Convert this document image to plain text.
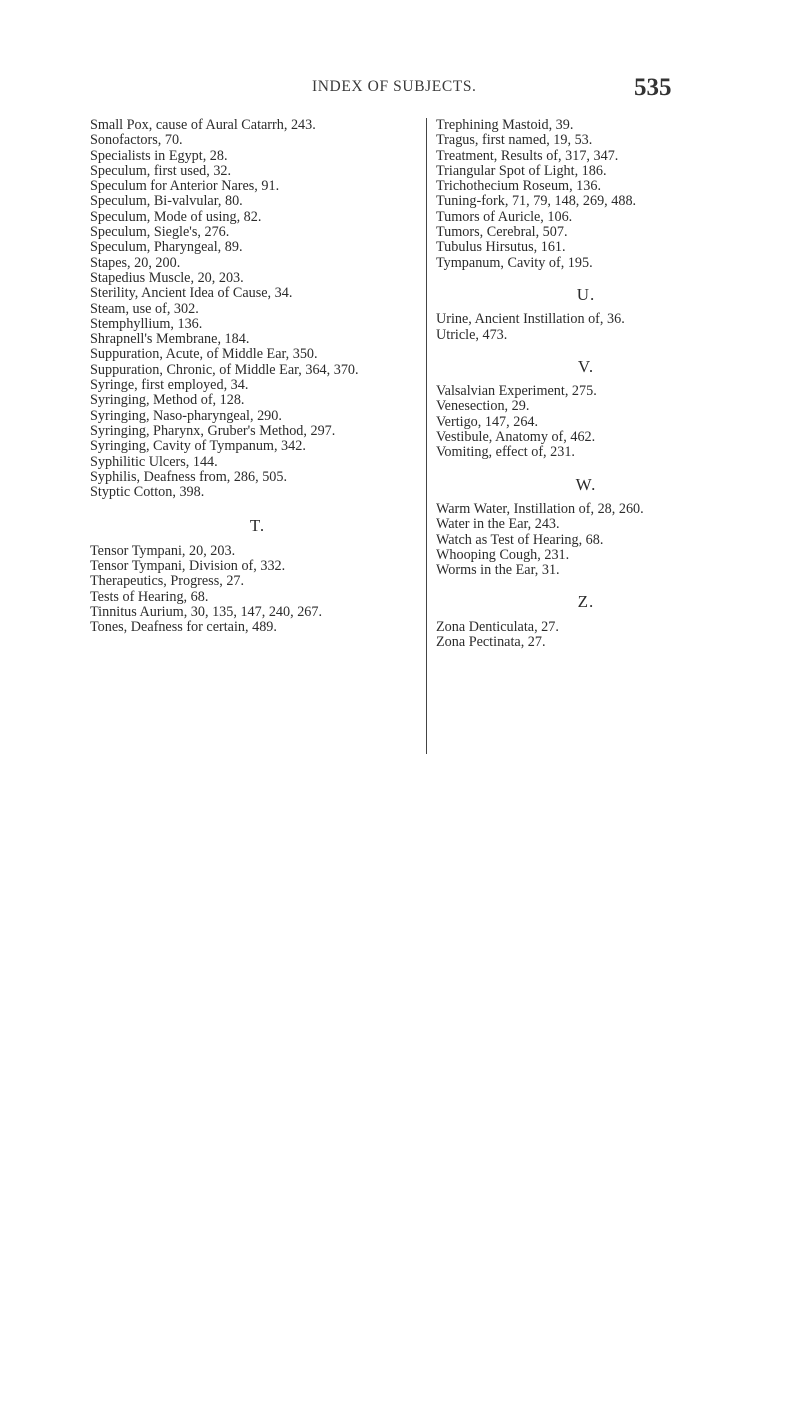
INDEX OF SUBJECTS.	535
Small Pox, cause of Aural Catarrh, 243.
Sonofactors, 70.
Specialists in Egypt, 28.
Speculum, first used, 32.
Speculum for Anterior Nares, 91.
Speculum, Bi-valvular, 80.
Speculum, Mode of using, 82.
Speculum, Siegle's, 276.
Speculum, Pharyngeal, 89.
Stapes, 20, 200.
Stapedius Muscle, 20, 203.
Sterility, Ancient Idea of Cause, 34.
Steam, use of, 302.
Stemphyllium, 136.
Shrapnell's Membrane, 184.
Suppuration, Acute, of Middle Ear, 350.
Suppuration, Chronic, of Middle Ear, 364, 370.
Syringe, first employed, 34.
Syringing, Method of, 128.
Syringing, Naso-pharyngeal, 290.
Syringing, Pharynx, Gruber's Method, 297.
Syringing, Cavity of Tympanum, 342.
Syphilitic Ulcers, 144.
Syphilis, Deafness from, 286, 505.
Styptic Cotton, 398.
T.
Tensor Tympani, 20, 203.
Tensor Tympani, Division of, 332.
Therapeutics, Progress, 27.
Tests of Hearing, 68.
Tinnitus Aurium, 30, 135, 147, 240, 267.
Tones, Deafness for certain, 489.
Trephining Mastoid, 39.
Tragus, first named, 19, 53.
Treatment, Results of, 317, 347.
Triangular Spot of Light, 186.
Trichothecium Roseum, 136.
Tuning-fork, 71, 79, 148, 269, 488.
Tumors of Auricle, 106.
Tumors, Cerebral, 507.
Tubulus Hirsutus, 161.
Tympanum, Cavity of, 195.
U.
Urine, Ancient Instillation of, 36.
Utricle, 473.
V.
Valsalvian Experiment, 275.
Venesection, 29.
Vertigo, 147, 264.
Vestibule, Anatomy of, 462.
Vomiting, effect of, 231.
W.
Warm Water, Instillation of, 28, 260.
Water in the Ear, 243.
Watch as Test of Hearing, 68.
Whooping Cough, 231.
Worms in the Ear, 31.
Z.
Zona Denticulata, 27.
Zona Pectinata, 27.
